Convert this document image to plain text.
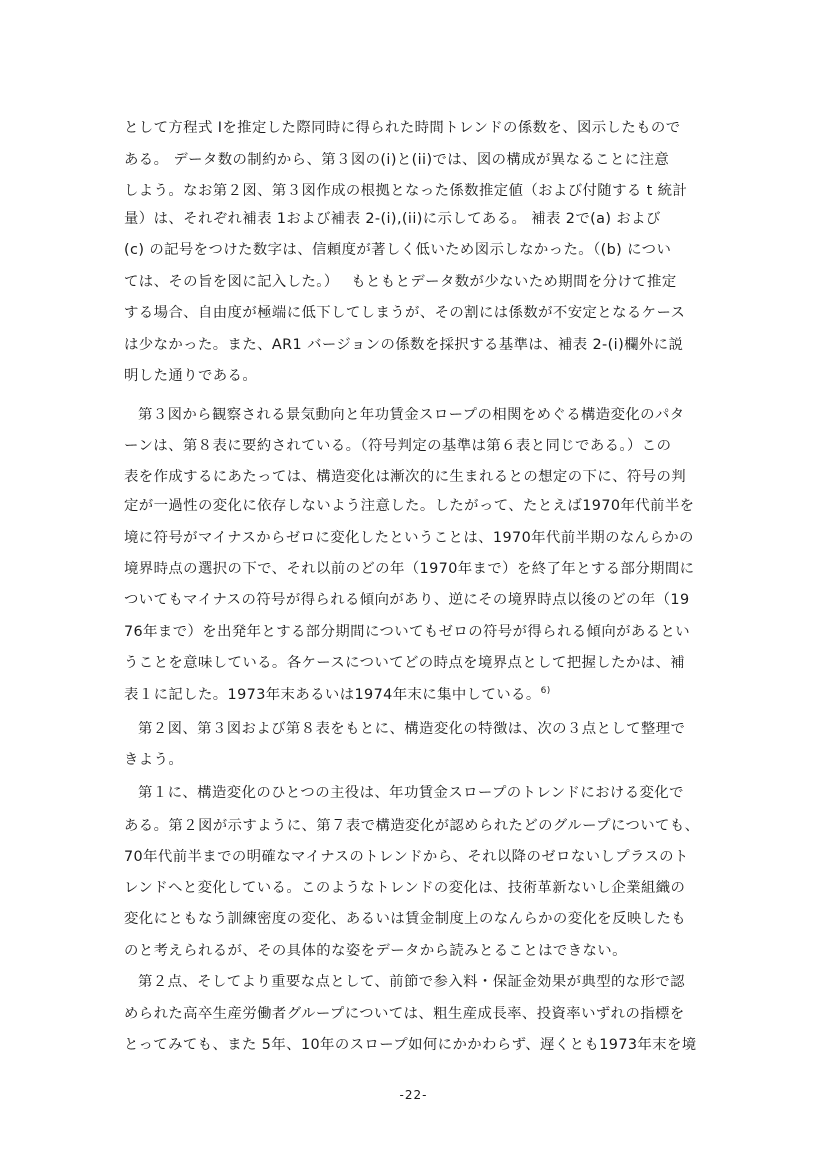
として方程式 Iを推定した際同時に得られた時間トレンドの係数を、図示したもので
ある。 データ数の制約から、第３図の(i)と(ii)では、図の構成が異なることに注意
しよう。なお第２図、第３図作成の根拠となった係数推定値（および付随する t 統計
量）は、それぞれ補表 1および補表 2-(i),(ii)に示してある。 補表 2で(a) および
(c) の記号をつけた数字は、信頼度が著しく低いため図示しなかった。（(b) につい
ては、その旨を図に記入した。）　 もともとデータ数が少ないため期間を分けて推定
する場合、自由度が極端に低下してしまうが、その割には係数が不安定となるケース
は少なかった。また、AR1 バージョンの係数を採択する基準は、補表 2-(i)欄外に説
明した通りである。
第３図から観察される景気動向と年功賃金スロープの相関をめぐる構造変化のパタ
ーンは、第８表に要約されている。（符号判定の基準は第６表と同じである。）この
表を作成するにあたっては、構造変化は漸次的に生まれるとの想定の下に、符号の判
定が一過性の変化に依存しないよう注意した。したがって、たとえば1970年代前半を
境に符号がマイナスからゼロに変化したということは、1970年代前半期のなんらかの
境界時点の選択の下で、それ以前のどの年（1970年まで）を終了年とする部分期間に
ついてもマイナスの符号が得られる傾向があり、逆にその境界時点以後のどの年（19
76年まで）を出発年とする部分期間についてもゼロの符号が得られる傾向があるとい
うことを意味している。各ケースについてどの時点を境界点として把握したかは、補
表１に記した。1973年末あるいは1974年末に集中している。$^{6)}$
第２図、第３図および第８表をもとに、構造変化の特徴は、次の３点として整理で
きよう。
第１に、構造変化のひとつの主役は、年功賃金スロープのトレンドにおける変化で
ある。第２図が示すように、第７表で構造変化が認められたどのグループについても、
70年代前半までの明確なマイナスのトレンドから、それ以降のゼロないしプラスのト
レンドへと変化している。このようなトレンドの変化は、技術革新ないし企業組織の
変化にともなう訓練密度の変化、あるいは賃金制度上のなんらかの変化を反映したも
のと考えられるが、その具体的な姿をデータから読みとることはできない。
第２点、そしてより重要な点として、前節で参入料・保証金効果が典型的な形で認
められた高卒生産労働者グループについては、粗生産成長率、投資率いずれの指標を
とってみても、また 5年、10年のスロープ如何にかかわらず、遅くとも1973年末を境
-22-
